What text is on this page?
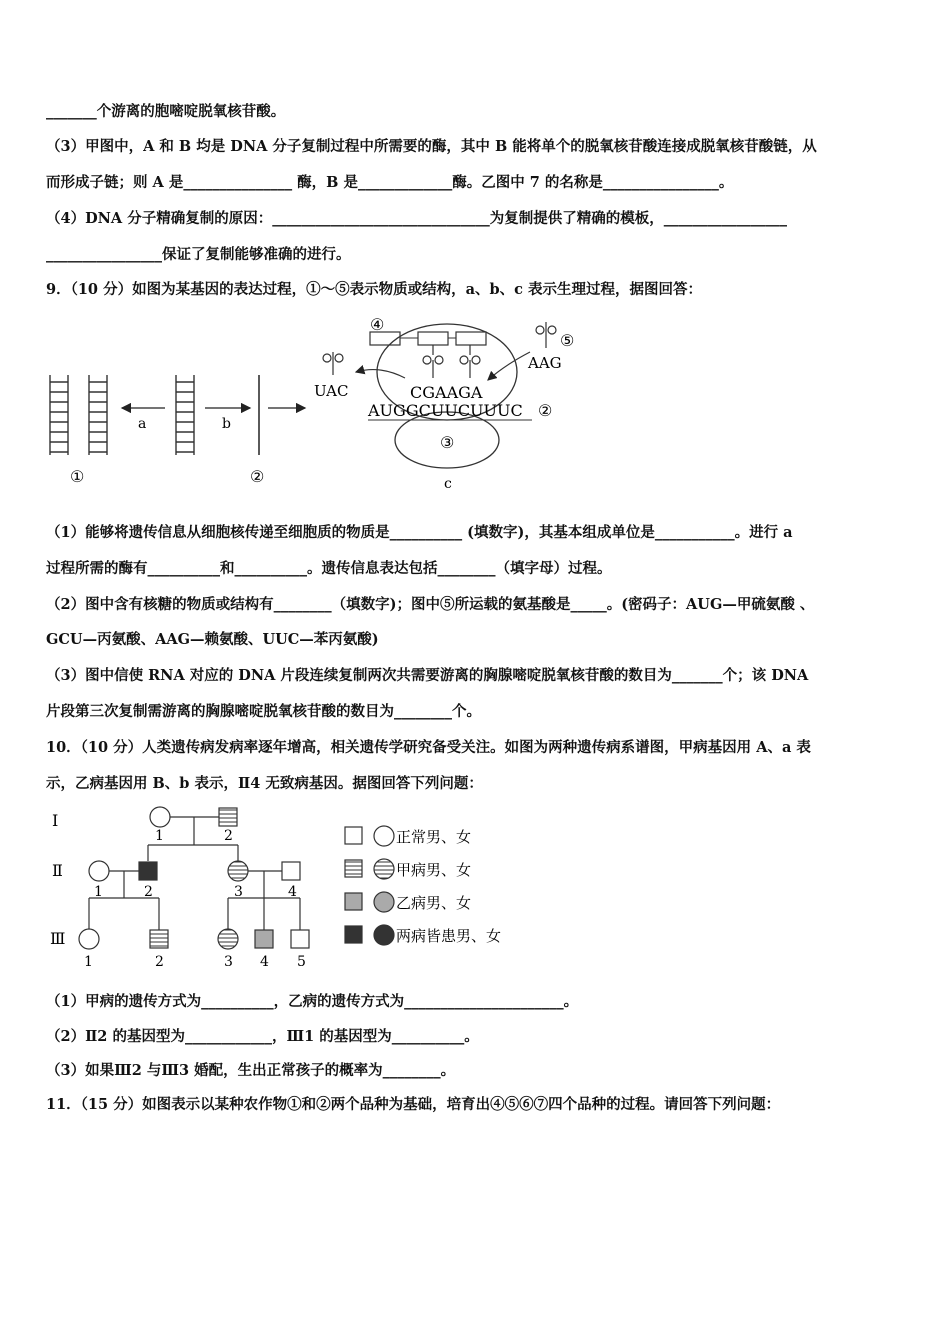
_______个游离的胞嘧啶脱氧核苷酸。
（3）甲图中，A 和 B 均是 DNA 分子复制过程中所需要的酶，其中 B 能将单个的脱氧核苷酸连接成脱氧核苷酸链，从
而形成子链；则 A 是_______________ 酶，B 是_____________酶。乙图中 7 的名称是________________。
（4）DNA 分子精确复制的原因：______________________________为复制提供了精确的模板，_________________
________________保证了复制能够准确的进行。
9．（10 分）如图为某基因的表达过程，①～⑤表示物质或结构，a、b、c 表示生理过程，据图回答：
a	b
①	②
④
CGAAGA
AUGGCUUCUUUC ②
③
c
UAC
⑤
AAG
（1）能够将遗传信息从细胞核传递至细胞质的物质是__________ (填数字)，其基本组成单位是___________。进行 a
过程所需的酶有__________和__________。遗传信息表达包括________（填字母）过程。
（2）图中含有核糖的物质或结构有________（填数字)；图中⑤所运载的氨基酸是_____。(密码子：AUG—甲硫氨酸 、
GCU—丙氨酸、AAG—赖氨酸、UUC—苯丙氨酸)
（3）图中信使 RNA 对应的 DNA 片段连续复制两次共需要游离的胸腺嘧啶脱氧核苷酸的数目为_______个；该 DNA
片段第三次复制需游离的胸腺嘧啶脱氧核苷酸的数目为________个。
10．（10 分）人类遗传病发病率逐年增高，相关遗传学研究备受关注。如图为两种遗传病系谱图，甲病基因用 A、a 表
示，乙病基因用 B、b 表示，Ⅱ4 无致病基因。据图回答下列问题：
Ⅰ
Ⅱ
Ⅲ
1	2
1	2	3	4
1	2	3 4 5
正常男、女
甲病男、女
乙病男、女
两病皆患男、女
（1）甲病的遗传方式为__________，乙病的遗传方式为______________________。
（2）Ⅱ2 的基因型为____________，Ⅲ1 的基因型为__________。
（3）如果Ⅲ2 与Ⅲ3 婚配，生出正常孩子的概率为________。
11．（15 分）如图表示以某种农作物①和②两个品种为基础，培育出④⑤⑥⑦四个品种的过程。请回答下列问题：
